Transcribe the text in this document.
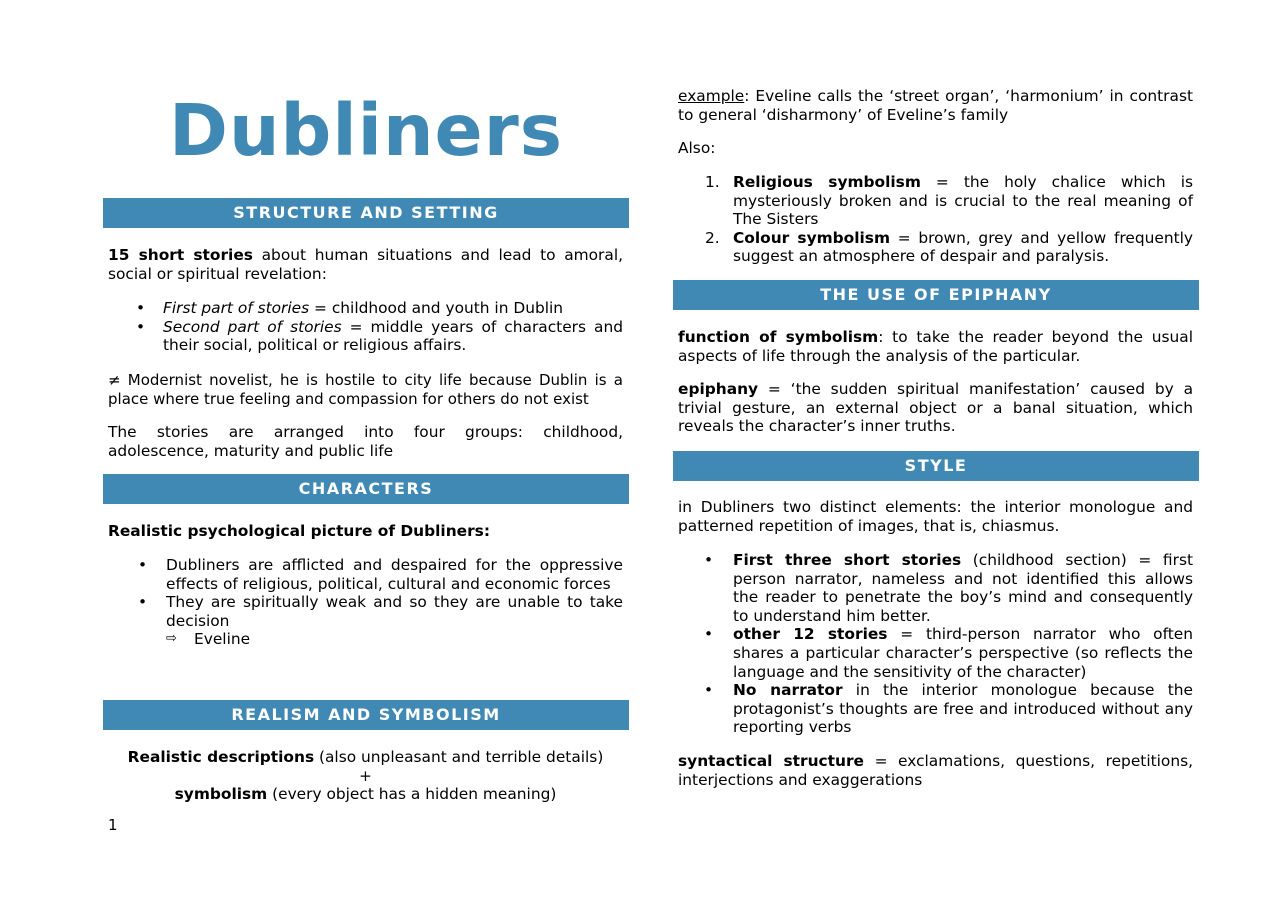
Dubliners
STRUCTURE AND SETTING

15 short stories about human situations and lead to amoral, social or spiritual revelation:

• First part of stories = childhood and youth in Dublin
• Second part of stories = middle years of characters and their social, political or religious affairs.

≠ Modernist novelist, he is hostile to city life because Dublin is a place where true feeling and compassion for others do not exist

The stories are arranged into four groups: childhood,
adolescence, maturity and public life

CHARACTERS

Realistic psychological picture of Dubliners:

• Dubliners are afflicted and despaired for the oppressive effects of religious, political, cultural and economic forces
• They are spiritually weak and so they are unable to take decision
⇨ Eveline
REALISM AND SYMBOLISM
Realistic descriptions (also unpleasant and terrible details)
+
symbolism (every object has a hidden meaning)
1

example: Eveline calls the ‘street organ’, ‘harmonium’ in contrast to general ‘disharmony’ of Eveline’s family

Also:

1. Religious symbolism = the holy chalice which is mysteriously broken and is crucial to the real meaning of The Sisters
2. Colour symbolism = brown, grey and yellow frequently suggest an atmosphere of despair and paralysis.
THE USE OF EPIPHANY

function of symbolism: to take the reader beyond the usual aspects of life through the analysis of the particular.

epiphany = ‘the sudden spiritual manifestation’ caused by a trivial gesture, an external object or a banal situation, which reveals the character’s inner truths.

STYLE

in Dubliners two distinct elements: the interior monologue and patterned repetition of images, that is, chiasmus.

• First three short stories (childhood section) = first person narrator, nameless and not identified this allows the reader to penetrate the boy’s mind and consequently to understand him better.
• other 12 stories = third-person narrator who often shares a particular character’s perspective (so reflects the language and the sensitivity of the character)
• No narrator in the interior monologue because the protagonist’s thoughts are free and introduced without any reporting verbs

syntactical structure = exclamations, questions, repetitions, interjections and exaggerations
